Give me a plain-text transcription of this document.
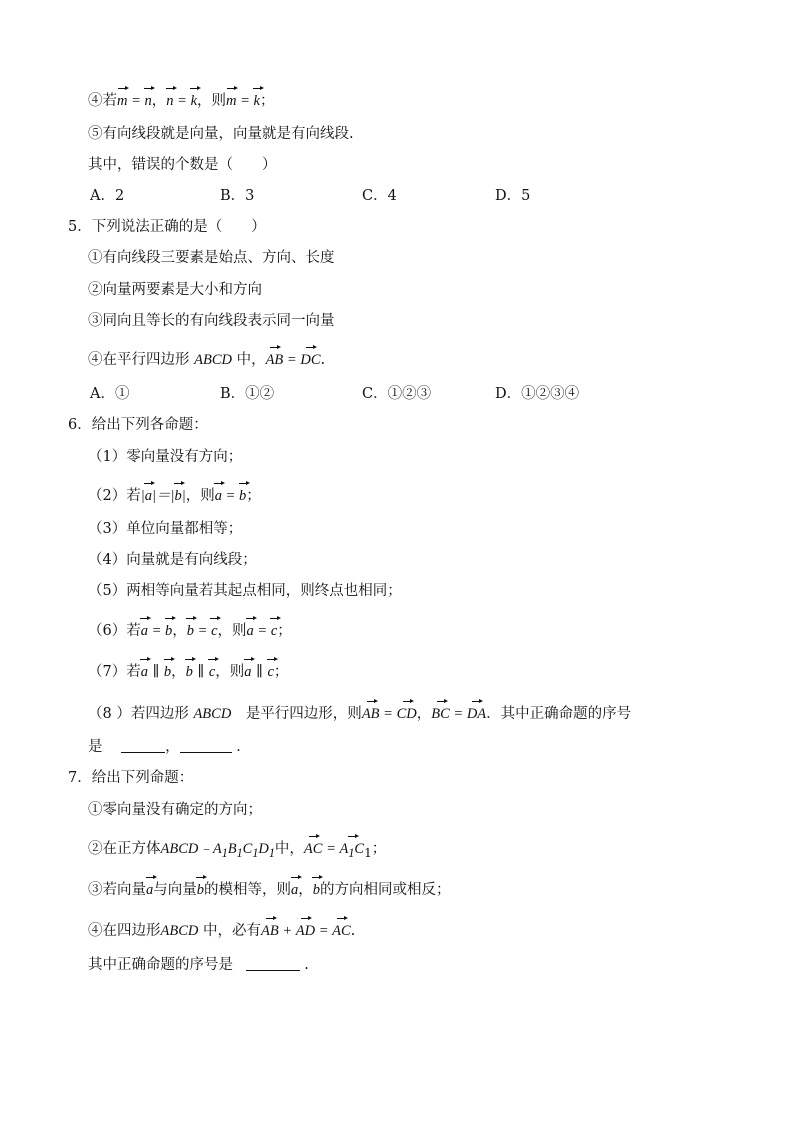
④若m = n，n = k，则m = k；
⑤有向线段就是向量，向量就是有向线段.
其中，错误的个数是（　　）
A．2	B．3	C．4	D．5
5．下列说法正确的是（　　）
①有向线段三要素是始点、方向、长度
②向量两要素是大小和方向
③同向且等长的有向线段表示同一向量
④在平行四边形 ABCD 中，AB = DC.
A．①	B．①②	C．①②③	D．①②③④
6．给出下列各命题：
（1）零向量没有方向；
（2）若|a|＝|b|，则a = b；
（3）单位向量都相等；
（4）向量就是有向线段；
（5）两相等向量若其起点相同，则终点也相同；
（6）若a = b，b = c，则a = c；
（7）若a ∥ b，b ∥ c，则a ∥ c；
（8 ）若四边形 ABCD　 是平行四边形，则AB = CD，BC = DA．其中正确命题的序号
是	，	．
7．给出下列命题：
①零向量没有确定的方向；
②在正方体$ABCD﹣A_1B_1C_1D_1$中，AC = $A_1C_1$；
③若向量a与向量b的模相等，则a，b的方向相同或相反；
④在四边形ABCD 中，必有AB + AD = AC.
其中正确命题的序号是	.
